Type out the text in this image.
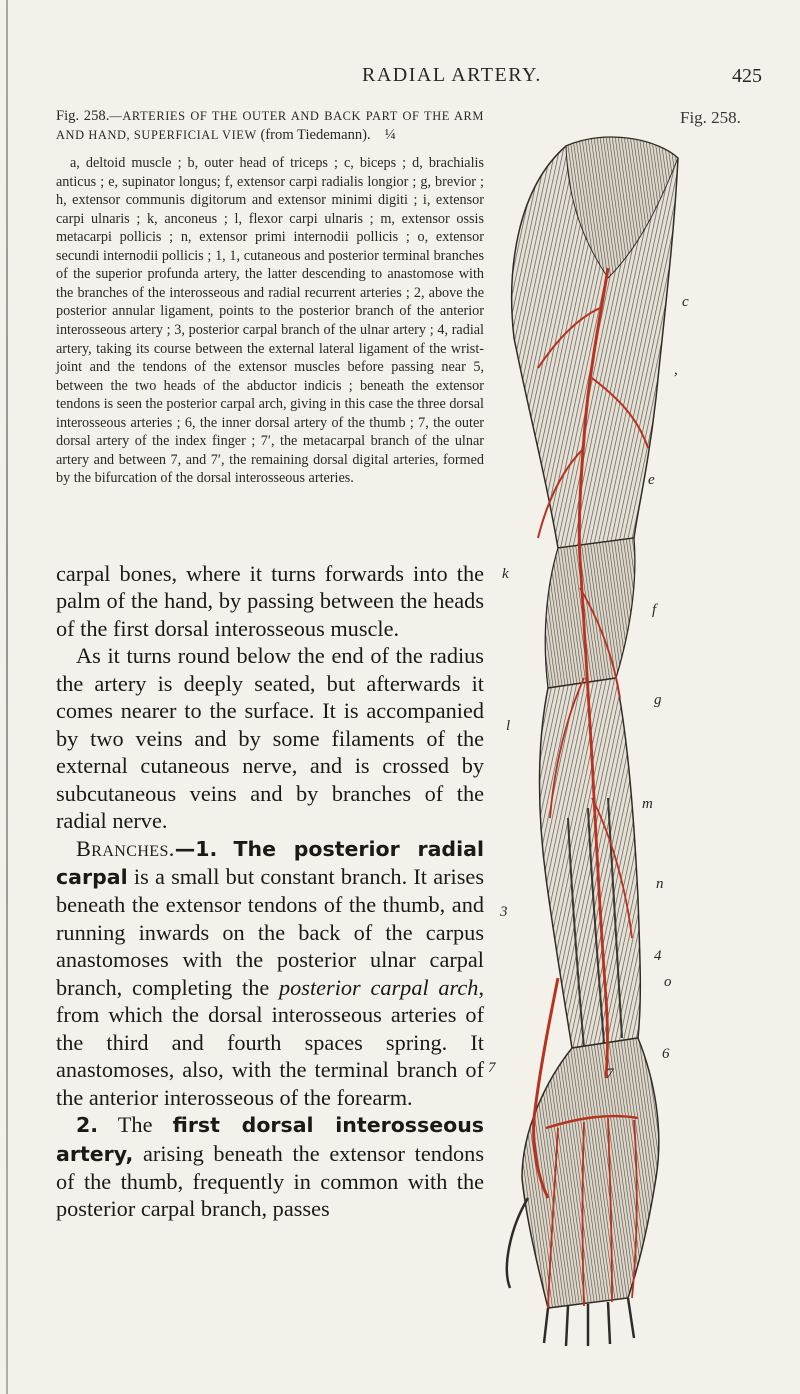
RADIAL ARTERY.	425
Fig. 258.—ARTERIES OF THE OUTER AND BACK PART OF THE ARM AND HAND, SUPERFICIAL VIEW (from Tiedemann). ¼
a, deltoid muscle ; b, outer head of triceps ; c, biceps ; d, brachialis anticus ; e, supinator longus; f, extensor carpi radialis longior ; g, brevior ; h, extensor communis digitorum and extensor minimi digiti ; i, extensor carpi ulnaris ; k, anconeus ; l, flexor carpi ulnaris ; m, extensor ossis metacarpi pollicis ; n, extensor primi internodii pollicis ; o, extensor secundi internodii pollicis ; 1, 1, cutaneous and posterior terminal branches of the superior profunda artery, the latter descending to anastomose with the branches of the interosseous and radial recurrent arteries ; 2, above the posterior annular ligament, points to the posterior branch of the anterior interosseous artery ; 3, posterior carpal branch of the ulnar artery ; 4, radial artery, taking its course between the external lateral ligament of the wrist-joint and the tendons of the extensor muscles before passing near 5, between the two heads of the abductor indicis ; beneath the extensor tendons is seen the posterior carpal arch, giving in this case the three dorsal interosseous arteries ; 6, the inner dorsal artery of the thumb ; 7, the outer dorsal artery of the index finger ; 7′, the metacarpal branch of the ulnar artery and between 7, and 7′, the remaining dorsal digital arteries, formed by the bifurcation of the dorsal interosseous arteries.

carpal bones, where it turns forwards into the palm of the hand, by passing between the heads of the first dorsal interosseous muscle.

As it turns round below the end of the radius the artery is deeply seated, but afterwards it comes nearer to the surface. It is accompanied by two veins and by some filaments of the external cutaneous nerve, and is crossed by subcutaneous veins and by branches of the radial nerve.

Branches.—1. The posterior radial carpal is a small but constant branch. It arises beneath the extensor tendons of the thumb, and running inwards on the back of the carpus anastomoses with the posterior ulnar carpal branch, completing the posterior carpal arch, from which the dorsal interosseous arteries of the third and fourth spaces spring. It anastomoses, also, with the terminal branch of the anterior interosseous of the forearm.

2. The first dorsal interosseous artery, arising beneath the extensor tendons of the thumb, frequently in common with the posterior carpal branch, passes

Fig. 258.
c
,
e
k
f
g
l
m
n
3
4
o
7	7
6
